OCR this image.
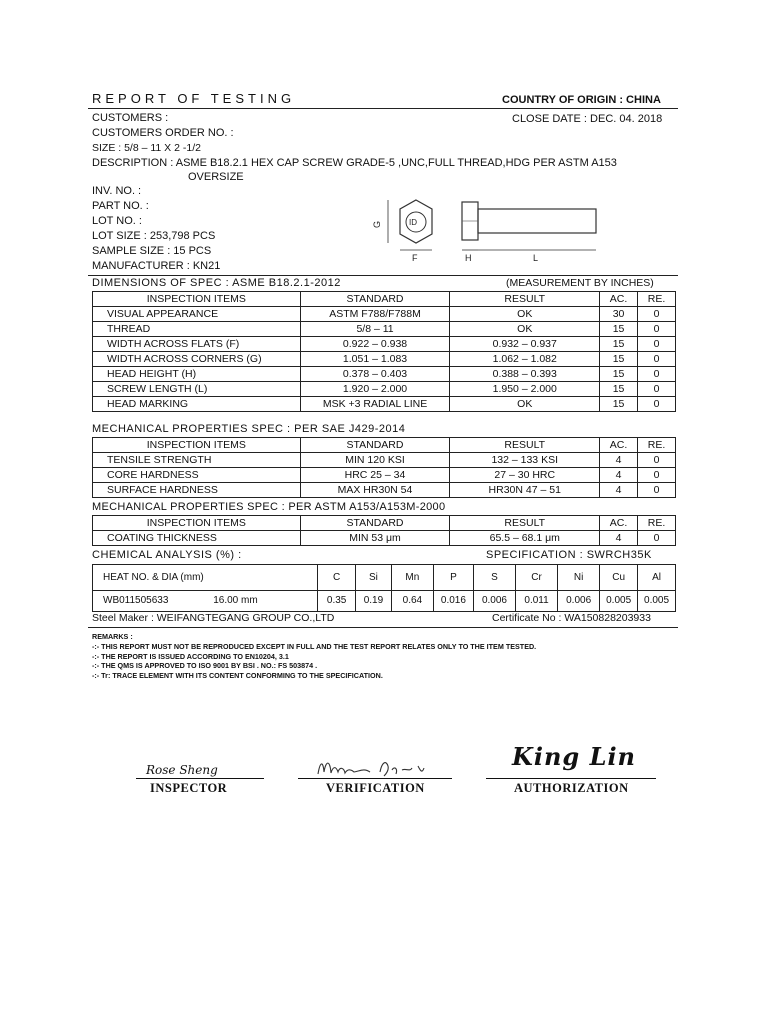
REPORT OF TESTING	COUNTRY OF ORIGIN : CHINA
CLOSE DATE : DEC. 04. 2018
CUSTOMERS :
CUSTOMERS ORDER NO. :
SIZE : 5/8 – 11 X 2 -1/2
DESCRIPTION : ASME B18.2.1 HEX CAP SCREW GRADE-5 ,UNC,FULL THREAD,HDG PER ASTM A153
OVERSIZE
INV. NO. :
PART NO. :
LOT NO. :
LOT SIZE : 253,798 PCS
SAMPLE SIZE : 15 PCS
MANUFACTURER : KN21
G	ID
F	H	L
DIMENSIONS OF SPEC : ASME B18.2.1-2012	(MEASUREMENT BY INCHES)
INSPECTION ITEMS	STANDARD	RESULT	AC.	RE.
VISUAL APPEARANCE	ASTM F788/F788M	OK	30	0
THREAD	5/8 – 11	OK	15	0
WIDTH ACROSS FLATS (F)	0.922 – 0.938	0.932 – 0.937	15	0
WIDTH ACROSS CORNERS (G)	1.051 – 1.083	1.062 – 1.082	15	0
HEAD HEIGHT (H)	0.378 – 0.403	0.388 – 0.393	15	0
SCREW LENGTH (L)	1.920 – 2.000	1.950 – 2.000	15	0
HEAD MARKING	MSK +3 RADIAL LINE	OK	15	0
MECHANICAL PROPERTIES SPEC : PER SAE J429-2014
INSPECTION ITEMS	STANDARD	RESULT	AC.	RE.
TENSILE STRENGTH	MIN 120 KSI	132 – 133 KSI	4	0
CORE HARDNESS	HRC 25 – 34	27 – 30 HRC	4	0
SURFACE HARDNESS	MAX HR30N 54	HR30N 47 – 51	4	0
MECHANICAL PROPERTIES SPEC : PER ASTM A153/A153M-2000
INSPECTION ITEMS	STANDARD	RESULT	AC.	RE.
COATING THICKNESS	MIN 53 μm	65.5 – 68.1 μm	4	0
CHEMICAL ANALYSIS (%) :	SPECIFICATION : SWRCH35K
HEAT NO. & DIA (mm)	C	Si	Mn	P	S	Cr	Ni	Cu	Al
WB011505633 16.00 mm	0.35	0.19	0.64	0.016	0.006	0.011	0.006	0.005	0.005
Steel Maker : WEIFANGTEGANG GROUP CO.,LTD	Certificate No : WA150828203933
REMARKS :
-:- THIS REPORT MUST NOT BE REPRODUCED EXCEPT IN FULL AND THE TEST REPORT RELATES ONLY TO THE ITEM TESTED.
-:- THE REPORT IS ISSUED ACCORDING TO EN10204, 3.1
-:- THE QMS IS APPROVED TO ISO 9001 BY BSI . NO.: FS 503874 .
-:- Tr: TRACE ELEMENT WITH ITS CONTENT CONFORMING TO THE SPECIFICATION.
Rose Sheng
INSPECTOR	VERIFICATION
King Lin
AUTHORIZATION
